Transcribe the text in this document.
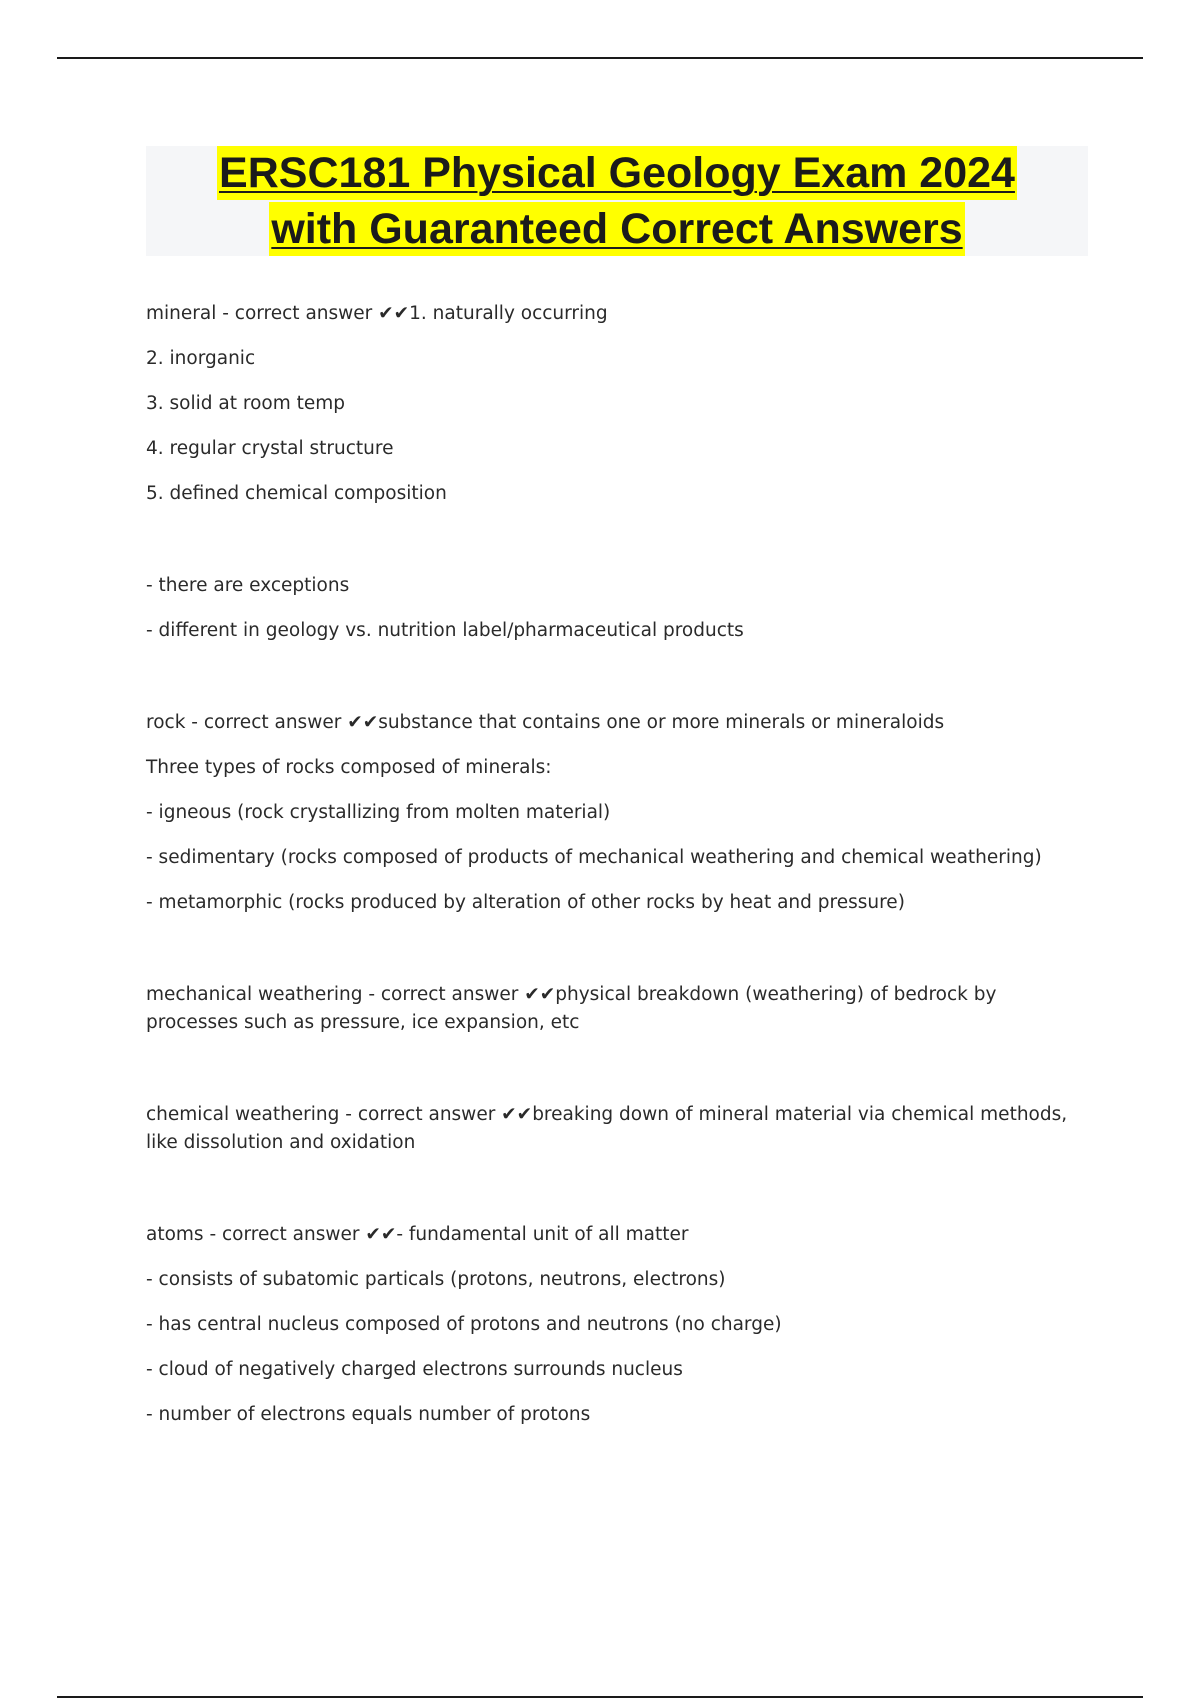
ERSC181 Physical Geology Exam 2024
with Guaranteed Correct Answers
mineral - correct answer ✔✔1. naturally occurring
2. inorganic
3. solid at room temp
4. regular crystal structure
5. defined chemical composition
- there are exceptions
- different in geology vs. nutrition label/pharmaceutical products
rock - correct answer ✔✔substance that contains one or more minerals or mineraloids
Three types of rocks composed of minerals:
- igneous (rock crystallizing from molten material)
- sedimentary (rocks composed of products of mechanical weathering and chemical weathering)
- metamorphic (rocks produced by alteration of other rocks by heat and pressure)
mechanical weathering - correct answer ✔✔physical breakdown (weathering) of bedrock by processes such as pressure, ice expansion, etc
chemical weathering - correct answer ✔✔breaking down of mineral material via chemical methods, like dissolution and oxidation
atoms - correct answer ✔✔- fundamental unit of all matter
- consists of subatomic particals (protons, neutrons, electrons)
- has central nucleus composed of protons and neutrons (no charge)
- cloud of negatively charged electrons surrounds nucleus
- number of electrons equals number of protons
